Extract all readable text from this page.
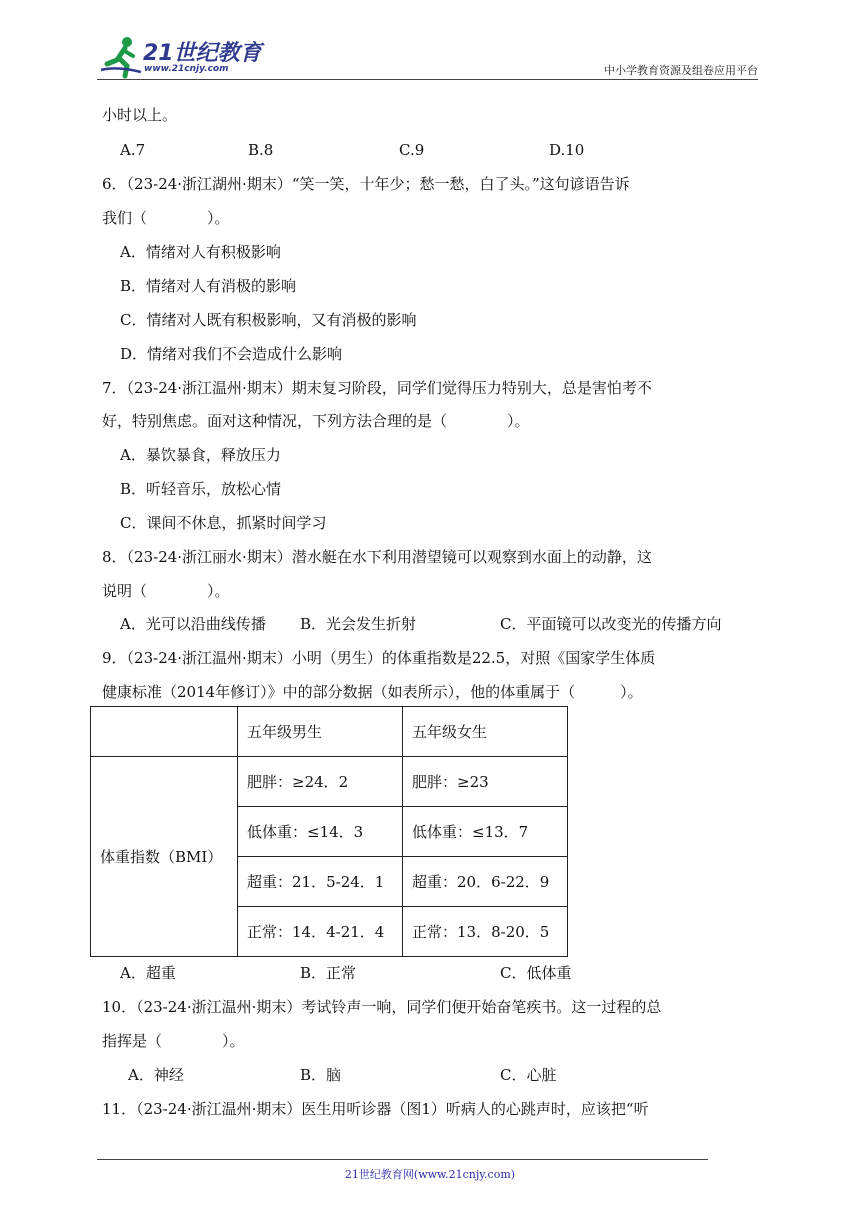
21世纪教育
www.21cnjy.com	中小学教育资源及组卷应用平台
小时以上。
A.7	B.8	C.9	D.10
6．（23-24·浙江湖州·期末）“笑一笑，十年少；愁一愁，白了头。”这句谚语告诉
我们（　　　　）。
A．情绪对人有积极影响
B．情绪对人有消极的影响
C．情绪对人既有积极影响，又有消极的影响
D．情绪对我们不会造成什么影响
7．（23-24·浙江温州·期末）期末复习阶段，同学们觉得压力特别大，总是害怕考不
好，特别焦虑。面对这种情况，下列方法合理的是（　　　　）。
A．暴饮暴食，释放压力
B．听轻音乐，放松心情
C．课间不休息，抓紧时间学习
8．（23-24·浙江丽水·期末）潜水艇在水下利用潜望镜可以观察到水面上的动静，这
说明（　　　　）。
A．光可以沿曲线传播 B．光会发生折射	C．平面镜可以改变光的传播方向
9．（23-24·浙江温州·期末）小明（男生）的体重指数是22.5，对照《国家学生体质
健康标准（2014年修订）》中的部分数据（如表所示），他的体重属于（　　　）。
	五年级男生	五年级女生
体重指数（BMI）	肥胖：≥24．2	肥胖：≥23
	低体重：≤14．3	低体重：≤13．7
	超重：21．5-24．1	超重：20．6-22．9
	正常：14．4-21．4	正常：13．8-20．5
A．超重	B．正常	C．低体重
10．（23-24·浙江温州·期末）考试铃声一响，同学们便开始奋笔疾书。这一过程的总
指挥是（　　　　）。
A．神经	B．脑	C．心脏
11．（23-24·浙江温州·期末）医生用听诊器（图1）听病人的心跳声时，应该把“听
21世纪教育网(www.21cnjy.com)
